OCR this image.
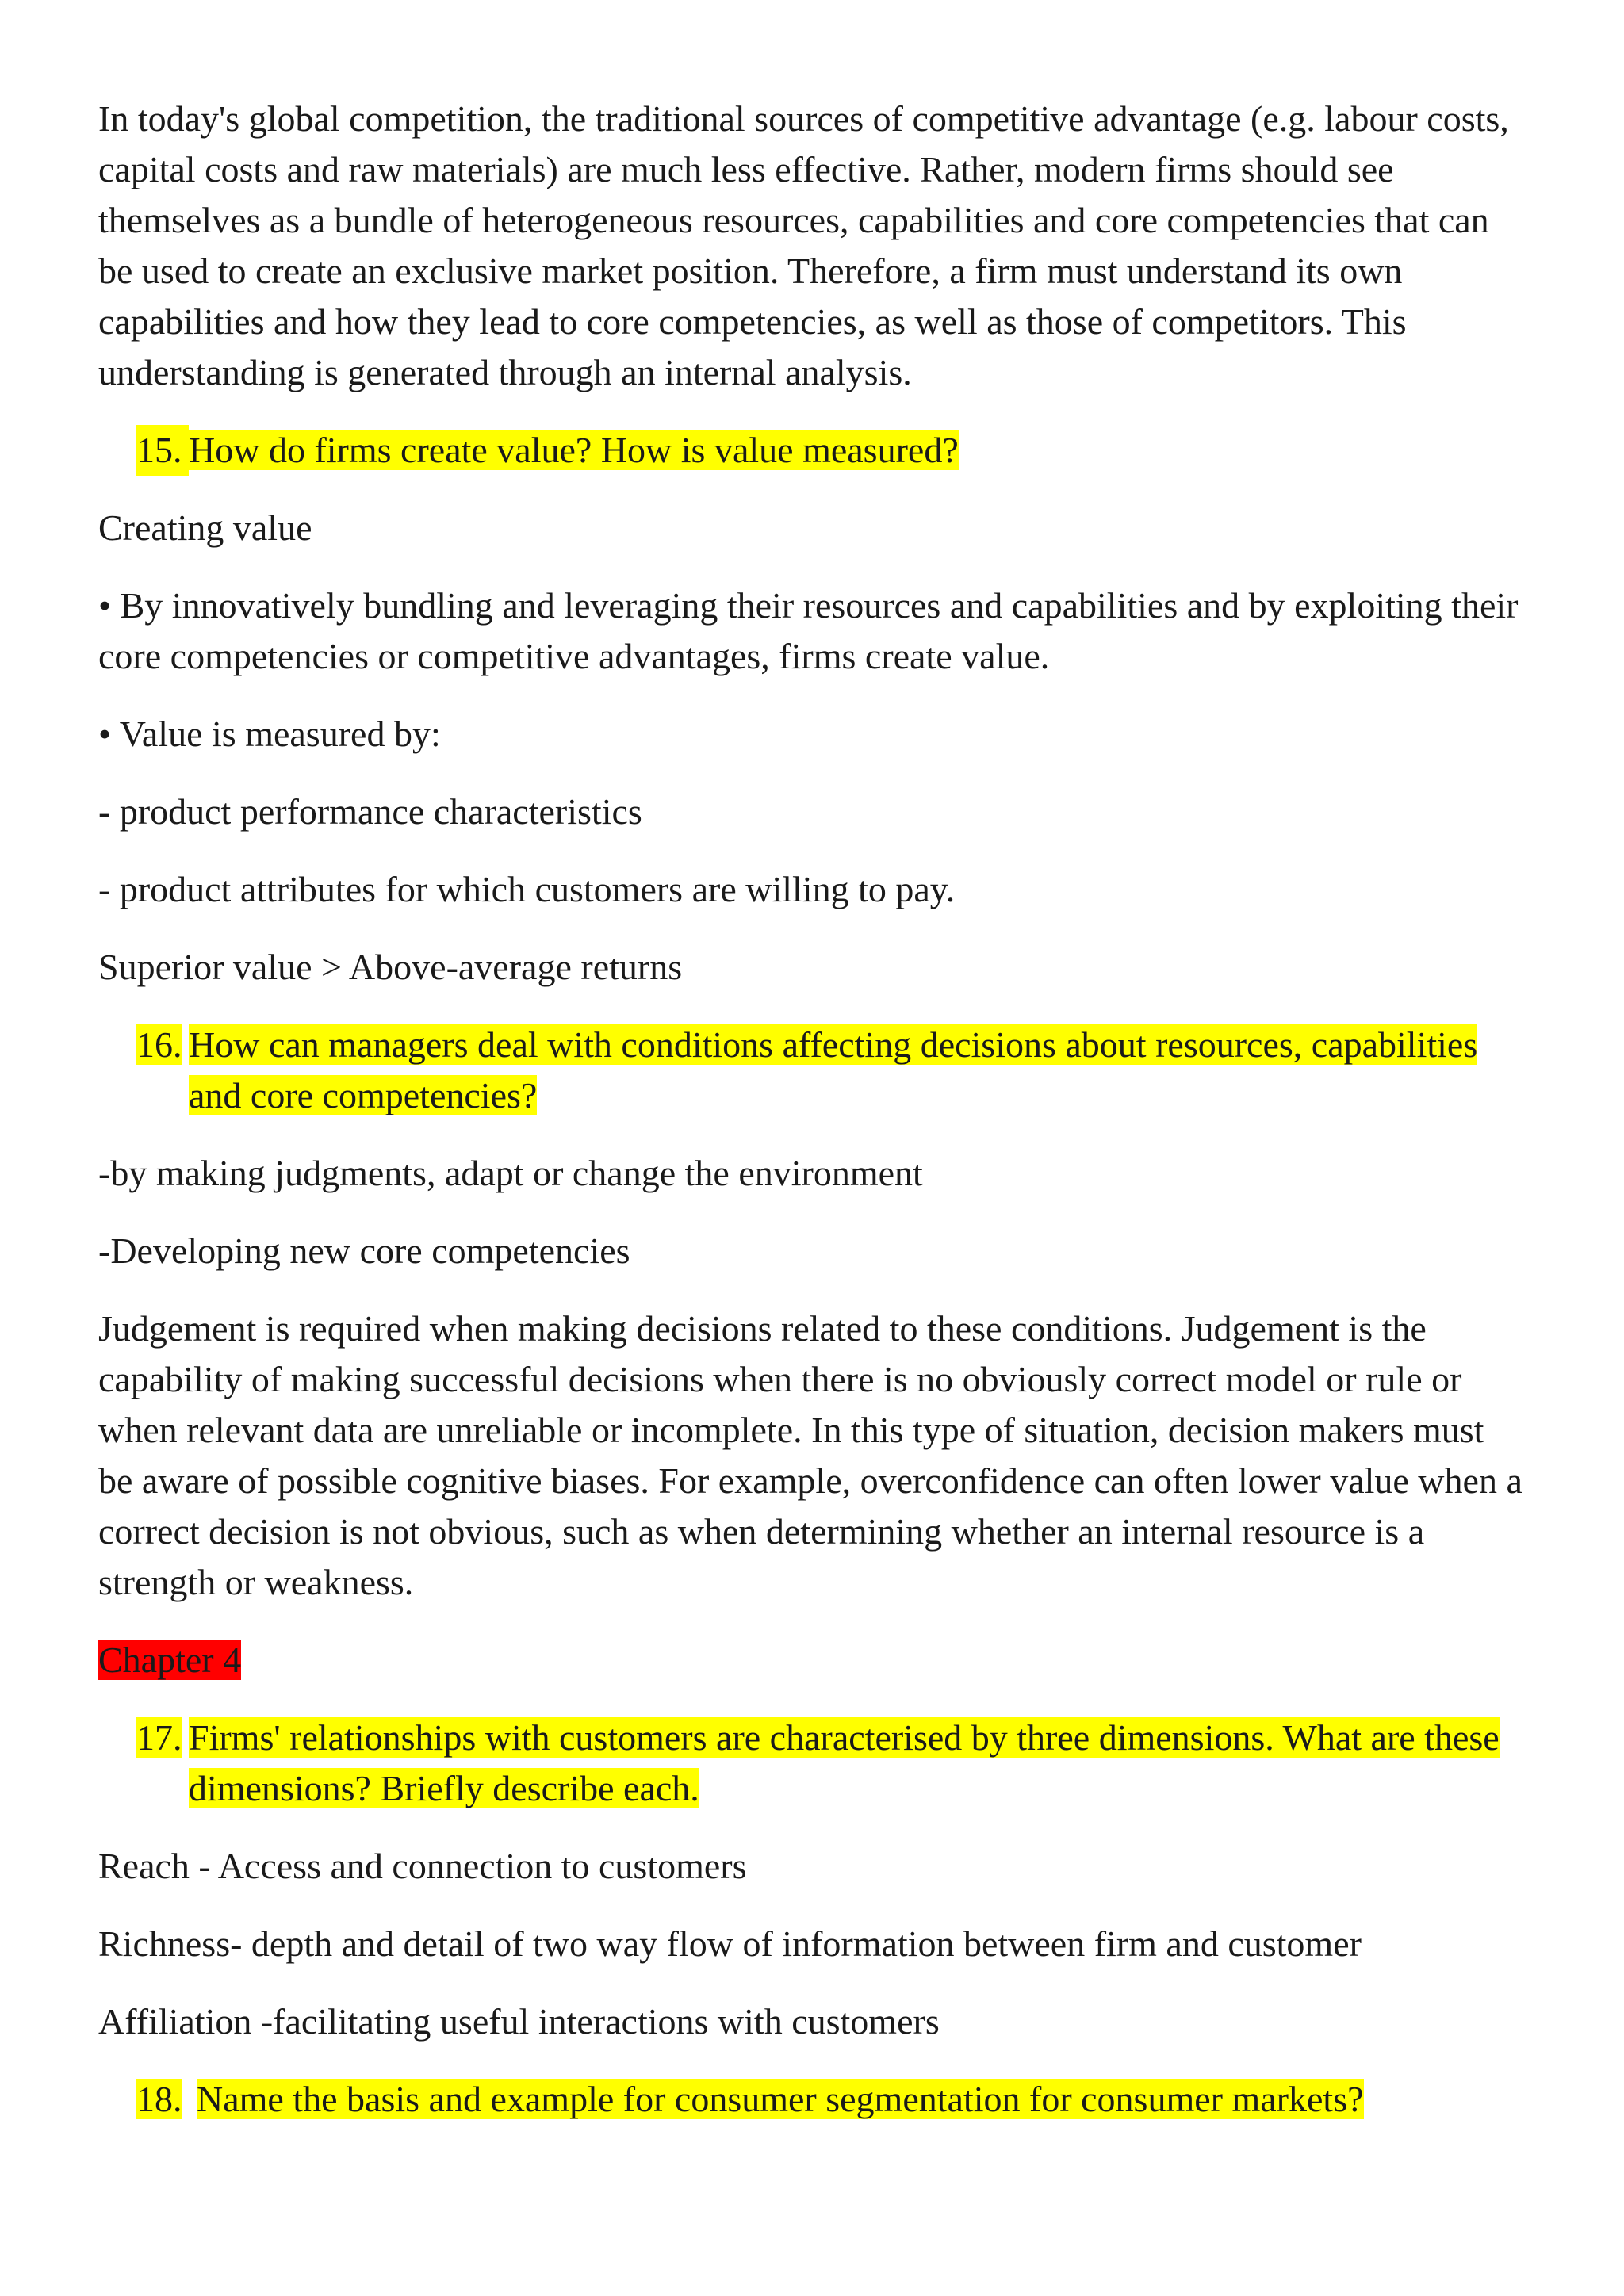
In today's global competition, the traditional sources of competitive advantage (e.g. labour costs, capital costs and raw materials) are much less effective. Rather, modern firms should see themselves as a bundle of heterogeneous resources, capabilities and core competencies that can be used to create an exclusive market position. Therefore, a firm must understand its own capabilities and how they lead to core competencies, as well as those of competitors. This understanding is generated through an internal analysis.

15. How do firms create value? How is value measured?

Creating value

• By innovatively bundling and leveraging their resources and capabilities and by exploiting their core competencies or competitive advantages, firms create value.

• Value is measured by:

- product performance characteristics

- product attributes for which customers are willing to pay.

Superior value > Above-average returns

16. How can managers deal with conditions affecting decisions about resources, capabilities and core competencies?

-by making judgments, adapt or change the environment

-Developing new core competencies

Judgement is required when making decisions related to these conditions. Judgement is the capability of making successful decisions when there is no obviously correct model or rule or when relevant data are unreliable or incomplete. In this type of situation, decision makers must be aware of possible cognitive biases. For example, overconfidence can often lower value when a correct decision is not obvious, such as when determining whether an internal resource is a strength or weakness.

Chapter 4

17. Firms' relationships with customers are characterised by three dimensions. What are these dimensions? Briefly describe each.

Reach - Access and connection to customers

Richness- depth and detail of two way flow of information between firm and customer

Affiliation -facilitating useful interactions with customers

18. Name the basis and example for consumer segmentation for consumer markets?
